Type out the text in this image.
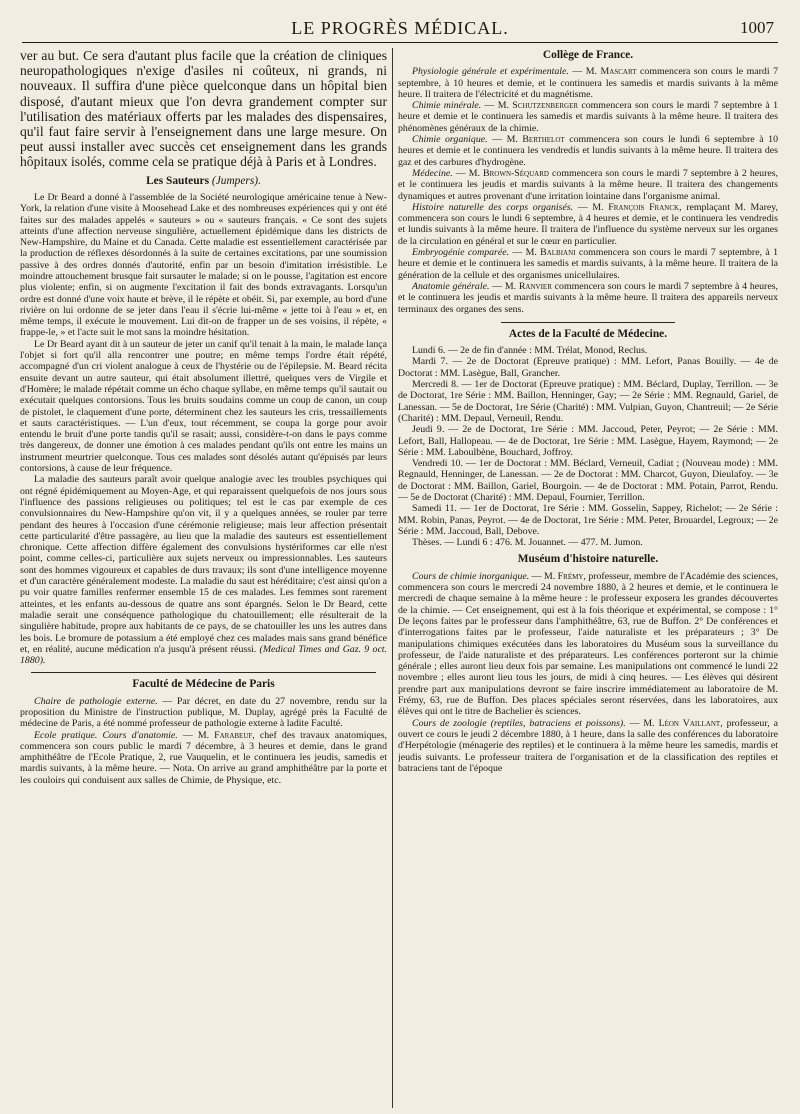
LE PROGRÈS MÉDICAL.	1007

ver au but. Ce sera d'autant plus facile que la création de cliniques neuropathologiques n'exige d'asiles ni coûteux, ni grands, ni nouveaux. Il suffira d'une pièce quelconque dans un hôpital bien disposé, d'autant mieux que l'on devra grandement compter sur l'utilisation des matériaux offerts par les malades des dispensaires, qu'il faut faire servir à l'enseignement dans une large mesure. On peut aussi installer avec succès cet enseignement dans les grands hôpitaux isolés, comme cela se pratique déjà à Paris et à Londres.

Les Sauteurs (Jumpers).

Le Dr Beard a donné à l'assemblée de la Société neurologique américaine tenue à New-York, la relation d'une visite à Moosehead Lake et des nombreuses expériences qui y ont été faites sur des malades appelés « sauteurs » ou « sauteurs français. « Ce sont des sujets atteints d'une affection nerveuse singulière, actuellement épidémique dans les districts de New-Hampshire, du Maine et du Canada. Cette maladie est essentiellement caractérisée par la production de réflexes désordonnés à la suite de certaines excitations, par une soumission passive à des ordres donnés d'autorité, enfin par un besoin d'imitation irrésistible. Le moindre attouchement brusque fait sursauter le malade; si on le pousse, l'agitation est encore plus violente; enfin, si on augmente l'excitation il fait des bonds extravagants. Lorsqu'un ordre est donné d'une voix haute et brève, il le répète et obéit. Si, par exemple, au bord d'une rivière on lui ordonne de se jeter dans l'eau il s'écrie lui-même « jette toi à l'eau » et, en même temps, il exécute le mouvement. Lui dit-on de frapper un de ses voisins, il répète, « frappe-le, » et l'acte suit le mot sans la moindre hésitation.

Le Dr Beard ayant dit à un sauteur de jeter un canif qu'il tenait à la main, le malade lança l'objet si fort qu'il alla rencontrer une poutre; en même temps l'ordre était répété, accompagné d'un cri violent analogue à ceux de l'hystérie ou de l'épilepsie. M. Beard récita ensuite devant un autre sauteur, qui était absolument illettré, quelques vers de Virgile et d'Homère; le malade répétait comme un écho chaque syllabe, en même temps qu'il sautait ou exécutait quelques contorsions. Tous les bruits soudains comme un coup de canon, un coup de pistolet, le claquement d'une porte, déterminent chez les sauteurs les cris, tressaillements et sauts caractéristiques. — L'un d'eux, tout récemment, se coupa la gorge pour avoir entendu le bruit d'une porte tandis qu'il se rasait; aussi, considère-t-on dans le pays comme très dangereux, de donner une émotion à ces malades pendant qu'ils ont entre les mains un instrument meurtrier quelconque. Tous ces malades sont désolés autant qu'épuisés par leurs contorsions, à cause de leur fréquence.

La maladie des sauteurs paraît avoir quelque analogie avec les troubles psychiques qui ont régné épidémiquement au Moyen-Age, et qui reparaissent quelquefois de nos jours sous l'influence des passions religieuses ou politiques; tel est le cas par exemple de ces convulsionnaires du New-Hampshire qu'on vit, il y a quelques années, se rouler par terre pendant des heures à l'occasion d'une cérémonie religieuse; mais leur affection présentait cette particularité d'être passagère, au lieu que la maladie des sauteurs est essentiellement chronique. Cette affection diffère également des convulsions hystériformes car elle n'est point, comme celles-ci, particulière aux sujets nerveux ou impressionnables. Les sauteurs sont des hommes vigoureux et capables de durs travaux; ils sont d'une intelligence moyenne et d'un caractère généralement modeste. La maladie du saut est héréditaire; c'est ainsi qu'on a pu voir quatre familles renfermer ensemble 15 de ces malades. Les femmes sont rarement atteintes, et les enfants au-dessous de quatre ans sont épargnés. Selon le Dr Beard, cette maladie serait une conséquence pathologique du chatouillement; elle résulterait de la singulière habitude, propre aux habitants de ce pays, de se chatouiller les uns les autres dans les bois. Le bromure de potassium a été employé chez ces malades mais sans grand bénéfice et, en réalité, aucune médication n'a jusqu'à présent réussi. (Medical Times and Gaz. 9 oct. 1880).

Faculté de Médecine de Paris

Chaire de pathologie externe. — Par décret, en date du 27 novembre, rendu sur la proposition du Ministre de l'instruction publique, M. Duplay, agrégé près la Faculté de médecine de Paris, a été nommé professeur de pathologie externe à ladite Faculté.

Ecole pratique. Cours d'anatomie. — M. Farabeuf, chef des travaux anatomiques, commencera son cours public le mardi 7 décembre, à 3 heures et demie, dans le grand amphithéâtre de l'Ecole Pratique, 2, rue Vauquelin, et le continuera les jeudis, samedis et mardis suivants, à la même heure. — Nota. On arrive au grand amphithéâtre par la porte et les couloirs qui conduisent aux salles de Chimie, de Physique, etc.

Collège de France.

Physiologie générale et expérimentale. — M. Mascart commencera son cours le mardi 7 septembre, à 10 heures et demie, et le continuera les samedis et mardis suivants à la même heure. Il traitera de l'électricité et du magnétisme.

Chimie minérale. — M. Schutzenberger commencera son cours le mardi 7 septembre à 1 heure et demie et le continuera les samedis et mardis suivants à la même heure. Il traitera des phénomènes généraux de la chimie.

Chimie organique. — M. Berthelot commencera son cours le lundi 6 septembre à 10 heures et demie et le continuera les vendredis et lundis suivants à la même heure. Il traitera des gaz et des carbures d'hydrogène.

Médecine. — M. Brown-Séquard commencera son cours le mardi 7 septembre à 2 heures, et le continuera les jeudis et mardis suivants à la même heure. Il traitera des changements dynamiques et autres provenant d'une irritation lointaine dans l'organisme animal.

Histoire naturelle des corps organisés. — M. François Franck, remplaçant M. Marey, commencera son cours le lundi 6 septembre, à 4 heures et demie, et le continuera les vendredis et lundis suivants à la même heure. Il traitera de l'influence du système nerveux sur les organes de la circulation en général et sur le cœur en particulier.

Embryogénie comparée. — M. Balbiani commencera son cours le mardi 7 septembre, à 1 heure et demie et le continuera les samedis et mardis suivants, à la même heure. Il traitera de la génération de la cellule et des organismes unicellulaires.

Anatomie générale. — M. Ranvier commencera son cours le mardi 7 septembre à 4 heures, et le continuera les jeudis et mardis suivants à la même heure. Il traitera des appareils nerveux terminaux des organes des sens.

Actes de la Faculté de Médecine.

Lundi 6. — 2e de fin d'année : MM. Trélat, Monod, Reclus.

Mardi 7. — 2e de Doctorat (Epreuve pratique) : MM. Lefort, Panas Bouilly. — 4e de Doctorat : MM. Lasègue, Ball, Grancher.

Mercredi 8. — 1er de Doctorat (Epreuve pratique) : MM. Béclard, Duplay, Terrillon. — 3e de Doctorat, 1re Série : MM. Baillon, Henninger, Gay; — 2e Série : MM. Regnauld, Gariel, de Lanessan. — 5e de Doctorat, 1re Série (Charité) : MM. Vulpian, Guyon, Chantreuil; — 2e Série (Charité) : MM. Depaul, Verneuil, Rendu.

Jeudi 9. — 2e de Doctorat, 1re Série : MM. Jaccoud, Peter, Peyrot; — 2e Série : MM. Lefort, Ball, Hallopeau. — 4e de Doctorat, 1re Série : MM. Lasègue, Hayem, Raymond; — 2e Série : MM. Laboulbène, Bouchard, Joffroy.

Vendredi 10. — 1er de Doctorat : MM. Béclard, Verneuil, Cadiat ; (Nouveau mode) : MM. Regnauld, Henninger, de Lanessan. — 2e de Doctorat : MM. Charcot, Guyon, Dieulafoy. — 3e de Doctorat : MM. Baillon, Gariel, Bourgoin. — 4e de Doctorat : MM. Potain, Parrot, Rendu. — 5e de Doctorat (Charité) : MM. Depaul, Fournier, Terrillon.

Samedi 11. — 1er de Doctorat, 1re Série : MM. Gosselin, Sappey, Richelot; — 2e Série : MM. Robin, Panas, Peyrot. — 4e de Doctorat, 1re Série : MM. Peter, Brouardel, Legroux; — 2e Série : MM. Jaccoud, Ball, Debove.

Thèses. — Lundi 6 : 476. M. Jouannet. — 477. M. Jumon.

Muséum d'histoire naturelle.

Cours de chimie inorganique. — M. Frémy, professeur, membre de l'Académie des sciences, commencera son cours le mercredi 24 novembre 1880, à 2 heures et demie, et le continuera le mercredi de chaque semaine à la même heure : le professeur exposera les grandes découvertes de la chimie. — Cet enseignement, qui est à la fois théorique et expérimental, se compose : 1° De leçons faites par le professeur dans l'amphithéâtre, 63, rue de Buffon. 2° De conférences et d'interrogations faites par le professeur, l'aide naturaliste et les préparateurs ; 3° De manipulations chimiques exécutées dans les laboratoires du Muséum sous la surveillance du professeur, de l'aide naturaliste et des préparateurs. Les conférences porteront sur la chimie générale ; elles auront lieu deux fois par semaine. Les manipulations ont commencé le lundi 22 novembre ; elles auront lieu tous les jours, de midi à cinq heures. — Les élèves qui désirent prendre part aux manipulations devront se faire inscrire immédiatement au laboratoire de M. Frémy, 63, rue de Buffon. Des places spéciales seront réservées, dans les laboratoires, aux élèves qui ont le titre de Bachelier ès sciences.

Cours de zoologie (reptiles, batraciens et poissons). — M. Léon Vaillant, professeur, a ouvert ce cours le jeudi 2 décembre 1880, à 1 heure, dans la salle des conférences du laboratoire d'Herpétologie (ménagerie des reptiles) et le continuera à la même heure les samedis, mardis et jeudis suivants. Le professeur traitera de l'organisation et de la classification des reptiles et batraciens tant de l'époque
